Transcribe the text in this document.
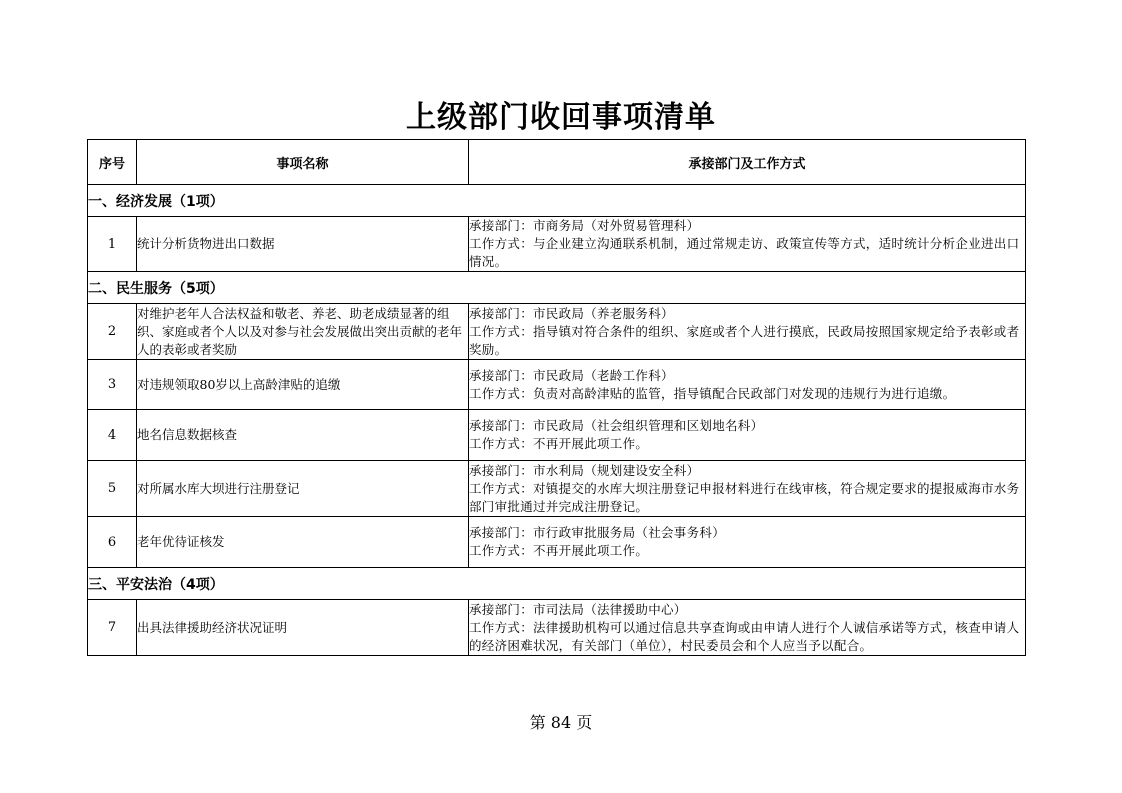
上级部门收回事项清单
序号	事项名称	承接部门及工作方式
一、经济发展（1项）		
1	统计分析货物进出口数据	承接部门：市商务局（对外贸易管理科）
工作方式：与企业建立沟通联系机制，通过常规走访、政策宣传等方式，适时统计分析企业进出口情况。

二、民生服务（5项）		
2	对维护老年人合法权益和敬老、养老、助老成绩显著的组织、家庭或者个人以及对参与社会发展做出突出贡献的老年人的表彰或者奖励	承接部门：市民政局（养老服务科）
工作方式：指导镇对符合条件的组织、家庭或者个人进行摸底，民政局按照国家规定给予表彰或者奖励。

3	对违规领取80岁以上高龄津贴的追缴	承接部门：市民政局（老龄工作科）
工作方式：负责对高龄津贴的监管，指导镇配合民政部门对发现的违规行为进行追缴。

4	地名信息数据核查	承接部门：市民政局（社会组织管理和区划地名科）
工作方式：不再开展此项工作。

5	对所属水库大坝进行注册登记	承接部门：市水利局（规划建设安全科）
工作方式：对镇提交的水库大坝注册登记申报材料进行在线审核，符合规定要求的提报威海市水务部门审批通过并完成注册登记。

6	老年优待证核发	承接部门：市行政审批服务局（社会事务科）
工作方式：不再开展此项工作。

三、平安法治（4项）		
7	出具法律援助经济状况证明	承接部门：市司法局（法律援助中心）
工作方式：法律援助机构可以通过信息共享查询或由申请人进行个人诚信承诺等方式，核查申请人的经济困难状况，有关部门（单位），村民委员会和个人应当予以配合。
第 84 页
